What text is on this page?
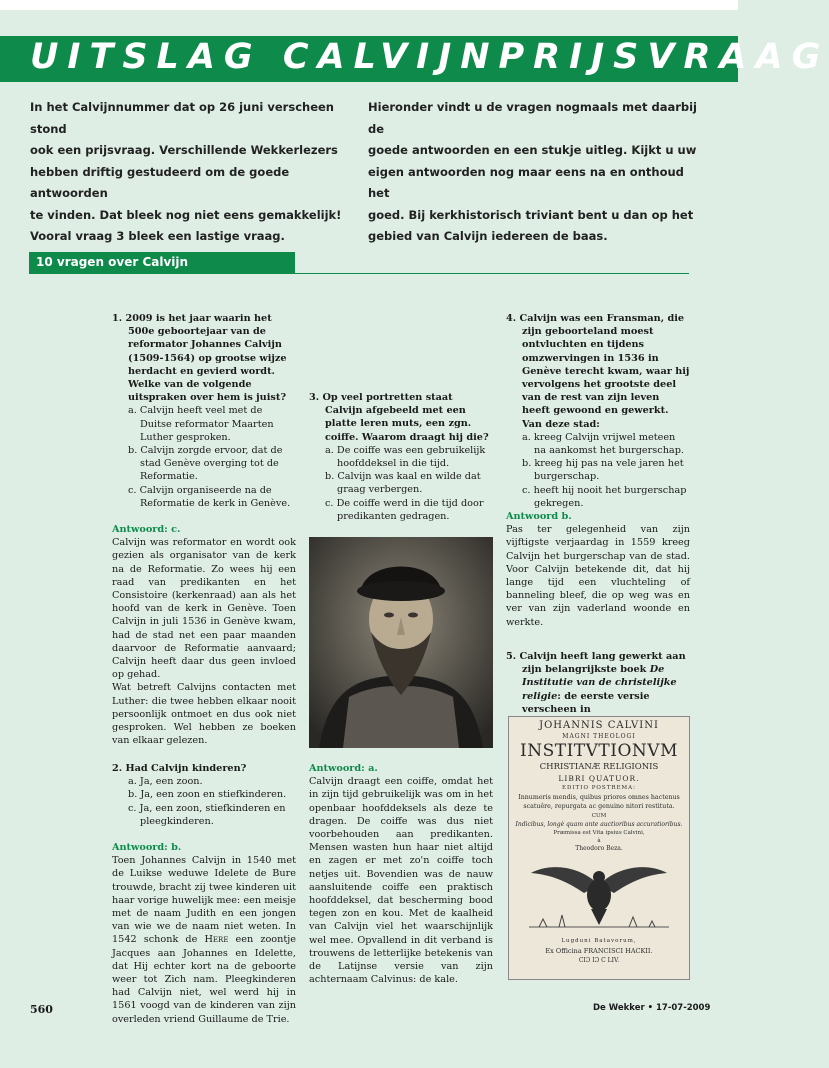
UITSLAG CALVIJNPRIJSVRAAG
In het Calvijnnummer dat op 26 juni verscheen stond
ook een prijsvraag. Verschillende Wekkerlezers
hebben driftig gestudeerd om de goede antwoorden
te vinden. Dat bleek nog niet eens gemakkelijk!
Vooral vraag 3 bleek een lastige vraag.
Hieronder vindt u de vragen nogmaals met daarbij de
goede antwoorden en een stukje uitleg. Kijkt u uw
eigen antwoorden nog maar eens na en onthoud het
goed. Bij kerkhistorisch triviant bent u dan op het
gebied van Calvijn iedereen de baas.
10 vragen over Calvijn
1. 2009 is het jaar waarin het 500e geboortejaar van de reformator Johannes Calvijn (1509-1564) op grootse wijze herdacht en gevierd wordt. Welke van de volgende uitspraken over hem is juist?
a. Calvijn heeft veel met de Duitse reformator Maarten Luther gesproken.
b. Calvijn zorgde ervoor, dat de stad Genève overging tot de Reformatie.
c. Calvijn organiseerde na de Reformatie de kerk in Genève.
Antwoord: c.
Calvijn was reformator en wordt ook gezien als organisator van de kerk na de Reformatie. Zo wees hij een raad van predikanten en het Consistoire (kerkenraad) aan als het hoofd van de kerk in Genève. Toen Calvijn in juli 1536 in Genève kwam, had de stad net een paar maanden daarvoor de Reformatie aanvaard; Calvijn heeft daar dus geen invloed op gehad.
Wat betreft Calvijns contacten met Luther: die twee hebben elkaar nooit persoonlijk ontmoet en dus ook niet gesproken. Wel hebben ze boeken van elkaar gelezen.
2. Had Calvijn kinderen?
a. Ja, een zoon.
b. Ja, een zoon en stiefkinderen.
c. Ja, een zoon, stiefkinderen en pleegkinderen.
Antwoord: b.
Toen Johannes Calvijn in 1540 met de Luikse weduwe Idelete de Bure trouwde, bracht zij twee kinderen uit haar vorige huwelijk mee: een meisje met de naam Judith en een jongen van wie we de naam niet weten. In 1542 schonk de Here een zoontje Jacques aan Johannes en Idelette, dat Hij echter kort na de geboorte weer tot Zich nam. Pleegkinderen had Calvijn niet, wel werd hij in 1561 voogd van de kinderen van zijn overleden vriend Guillaume de Trie.
3. Op veel portretten staat Calvijn afgebeeld met een platte leren muts, een zgn. coiffe. Waarom draagt hij die?
a. De coiffe was een gebruikelijk hoofddeksel in die tijd.
b. Calvijn was kaal en wilde dat graag verbergen.
c. De coiffe werd in die tijd door predikanten gedragen.
Antwoord: a.
Calvijn draagt een coiffe, omdat het in zijn tijd gebruikelijk was om in het openbaar hoofddeksels als deze te dragen. De coiffe was dus niet voorbehouden aan predikanten. Mensen wasten hun haar niet altijd en zagen er met zo'n coiffe toch netjes uit. Bovendien was de nauw aansluitende coiffe een praktisch hoofddeksel, dat bescherming bood tegen zon en kou. Met de kaalheid van Calvijn viel het waarschijnlijk wel mee. Opvallend in dit verband is trouwens de letterlijke betekenis van de Latijnse versie van zijn achternaam Calvinus: de kale.
4. Calvijn was een Fransman, die zijn geboorteland moest ontvluchten en tijdens omzwervingen in 1536 in Genève terecht kwam, waar hij vervolgens het grootste deel van de rest van zijn leven heeft gewoond en gewerkt. Van deze stad:
a. kreeg Calvijn vrijwel meteen na aankomst het burgerschap.
b. kreeg hij pas na vele jaren het burgerschap.
c. heeft hij nooit het burgerschap gekregen.
Antwoord b.
Pas ter gelegenheid van zijn vijftigste verjaardag in 1559 kreeg Calvijn het burgerschap van de stad. Voor Calvijn betekende dit, dat hij lange tijd een vluchteling of banneling bleef, die op weg was en ver van zijn vaderland woonde en werkte.
5. Calvijn heeft lang gewerkt aan zijn belangrijkste boek De Institutie van de christelijke religie: de eerste versie verscheen in
JOHANNIS CALVINI
MAGNI THEOLOGI
INSTITVTIONVM
CHRISTIANÆ RELIGIONIS
LIBRI QUATUOR.
EDITIO POSTREMA:
Innumeris mendis, quibus priores omnes hactenus
scatuêre, repurgata ac genuino nitori restituta.
CUM
Indicibus, longè quam ante auctioribus accuratioribus.
Præmissa est Vita ipsius Calvini,
à
Theodoro Beza.
Lugduni Batavorum,
Ex Officina FRANCISCI HACKII.
CIƆ IƆ C LIV.
560	De Wekker • 17-07-2009
